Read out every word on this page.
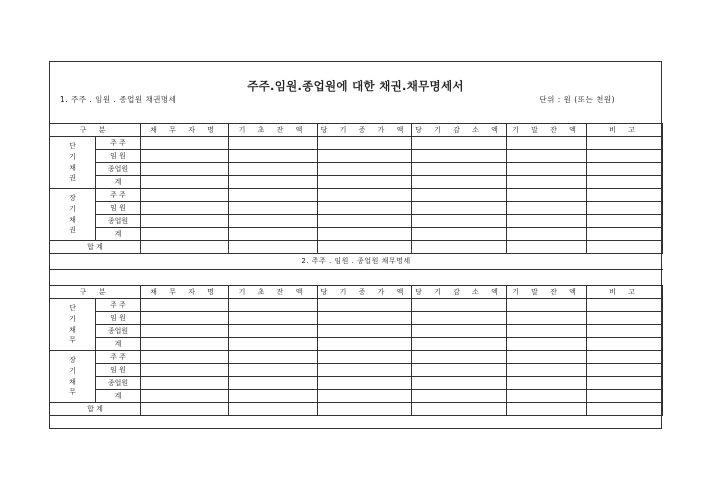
주주.임원.종업원에 대한 채권.채무명세서
1. 주주 . 임원 . 종업원 채권명세	단위 : 원 (또는 천원)
구 분		채 무 자 명	기 초 잔 액	당 기 증 가 액	당 기 감 소 액	기 말 잔 액	비 고
단
기
채
권	주 주						
	임 원						
	종업원						
	계						
장
기
채
권	주 주						
	임 원						
	종업원						
	계						
합 계							
2. 주주 . 임원 . 종업원 채무명세							
구 분		채 무 자 명	기 초 잔 액	당 기 증 가 액	당 기 감 소 액	기 말 잔 액	비 고
단
기
채
무	주 주						
	임 원						
	종업원						
	계						
장
기
채
무	주 주						
	임 원						
	종업원						
	계						
합 계							
